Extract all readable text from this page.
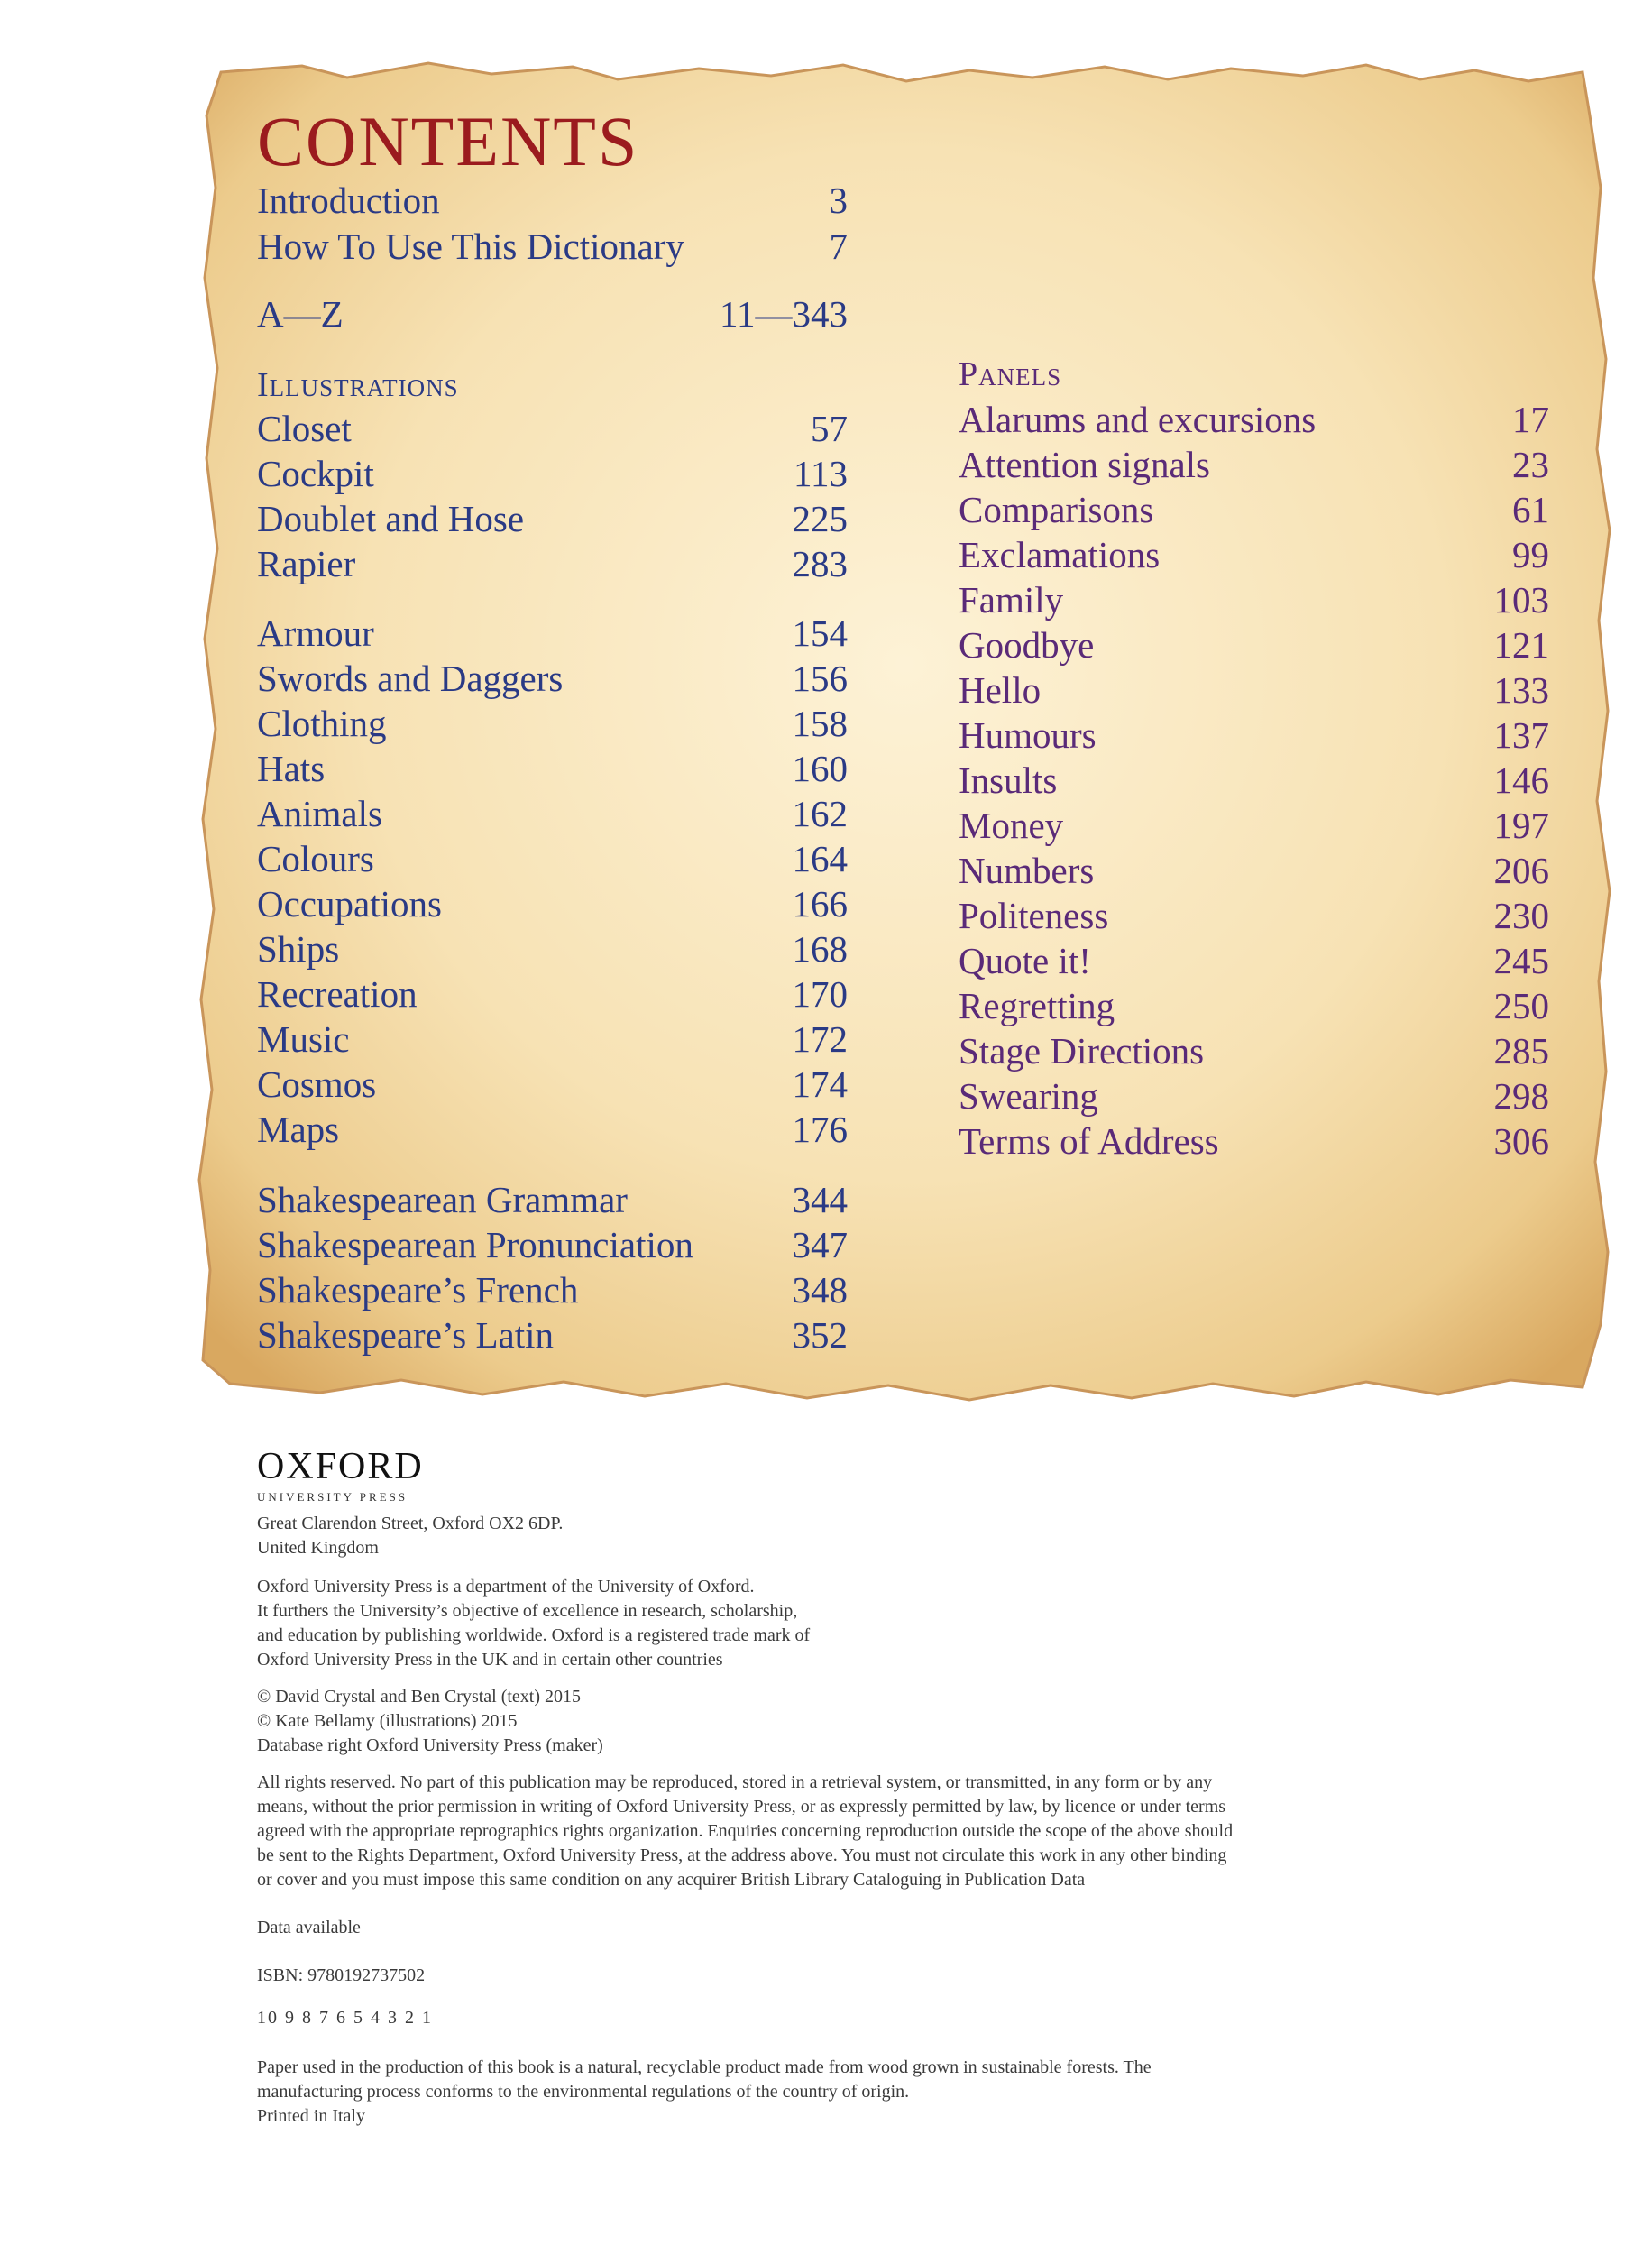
CONTENTS
Introduction	3
How To Use This Dictionary	7
A—Z	11—343
Illustrations
Closet	57
Cockpit	113
Doublet and Hose	225
Rapier	283
Armour	154
Swords and Daggers	156
Clothing	158
Hats	160
Animals	162
Colours	164
Occupations	166
Ships	168
Recreation	170
Music	172
Cosmos	174
Maps	176
Shakespearean Grammar	344
Shakespearean Pronunciation	347
Shakespeare’s French	348
Shakespeare’s Latin	352
Panels
Alarums and excursions	17
Attention signals	23
Comparisons	61
Exclamations	99
Family	103
Goodbye	121
Hello	133
Humours	137
Insults	146
Money	197
Numbers	206
Politeness	230
Quote it!	245
Regretting	250
Stage Directions	285
Swearing	298
Terms of Address	306
OXFORD
UNIVERSITY PRESS

Great Clarendon Street, Oxford OX2 6DP.
United Kingdom

Oxford University Press is a department of the University of Oxford.
It furthers the University’s objective of excellence in research, scholarship,
and education by publishing worldwide. Oxford is a registered trade mark of
Oxford University Press in the UK and in certain other countries

© David Crystal and Ben Crystal (text) 2015
© Kate Bellamy (illustrations) 2015
Database right Oxford University Press (maker)

All rights reserved. No part of this publication may be reproduced, stored in a retrieval system, or transmitted, in any form or by any
means, without the prior permission in writing of Oxford University Press, or as expressly permitted by law, by licence or under terms
agreed with the appropriate reprographics rights organization. Enquiries concerning reproduction outside the scope of the above should
be sent to the Rights Department, Oxford University Press, at the address above. You must not circulate this work in any other binding
or cover and you must impose this same condition on any acquirer British Library Cataloguing in Publication Data

Data available

ISBN: 9780192737502

10 9 8 7 6 5 4 3 2 1

Paper used in the production of this book is a natural, recyclable product made from wood grown in sustainable forests. The
manufacturing process conforms to the environmental regulations of the country of origin.
Printed in Italy
